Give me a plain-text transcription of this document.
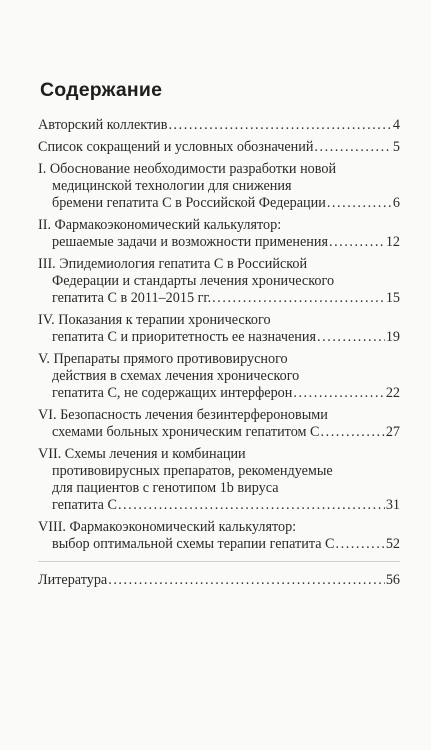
Содержание
Авторский коллектив . . .	4
Список сокращений и условных обозначений . . .	5
I. Обоснование необходимости разработки новой
медицинской технологии для снижения
бремени гепатита С в Российской Федерации . . .	6
II. Фармакоэкономический калькулятор:
решаемые задачи и возможности применения . . .	12
III. Эпидемиология гепатита С в Российской
Федерации и стандарты лечения хронического
гепатита С в 2011–2015 гг. . . .	15
IV. Показания к терапии хронического
гепатита С и приоритетность ее назначения . . .	19
V. Препараты прямого противовирусного
действия в схемах лечения хронического
гепатита С, не содержащих интерферон . . .	22
VI. Безопасность лечения безинтерфероновыми
схемами больных хроническим гепатитом С . . .	27
VII. Схемы лечения и комбинации
противовирусных препаратов, рекомендуемые
для пациентов с генотипом 1b вируса
гепатита С . . .	31
VIII. Фармакоэкономический калькулятор:
выбор оптимальной схемы терапии гепатита С . . .	52
Литература . . .	56
